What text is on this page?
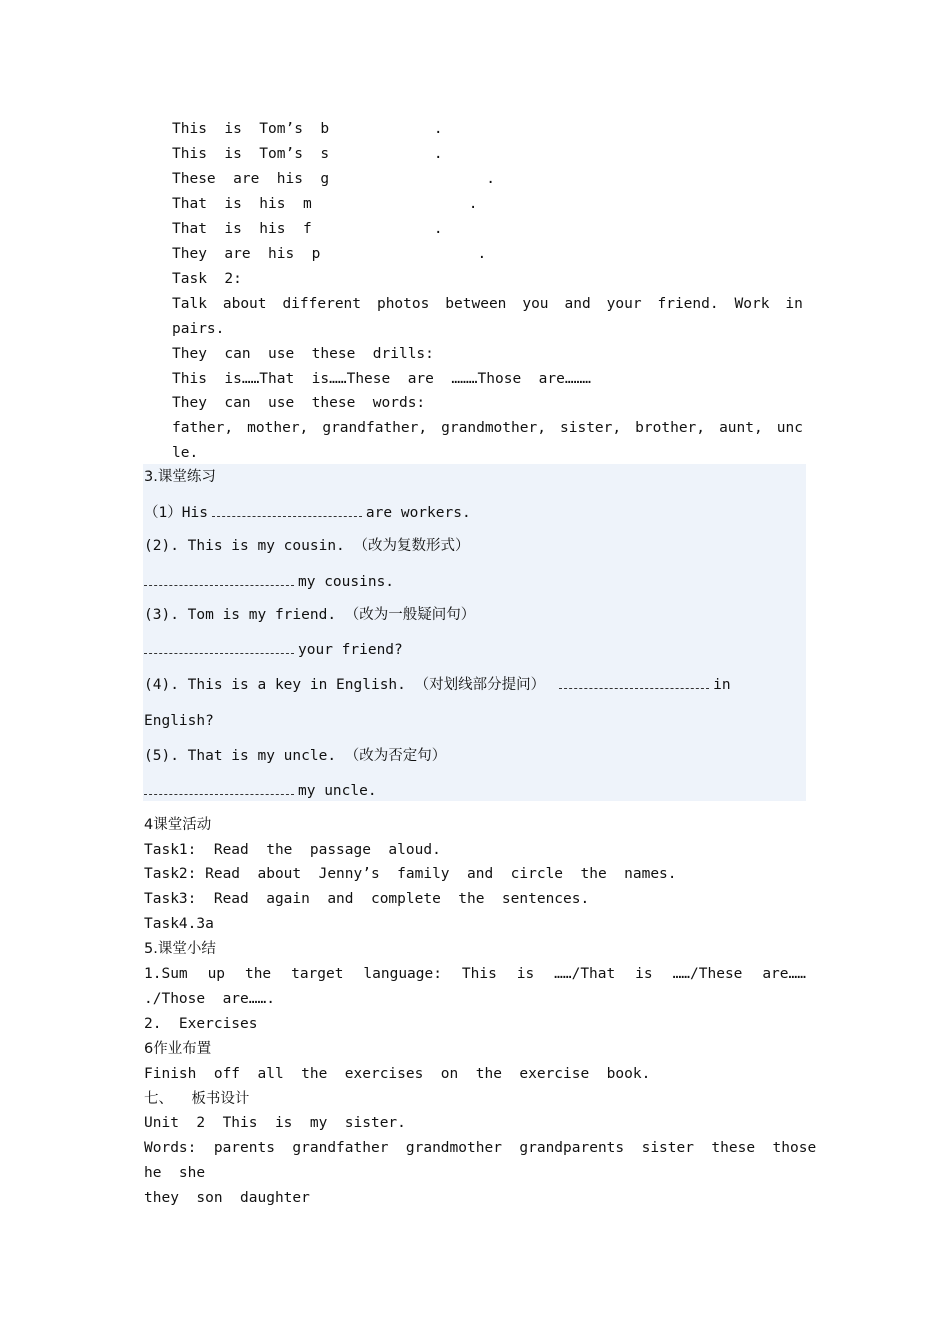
This  is  Tom’s  b            .
This  is  Tom’s  s            .
These  are  his  g                  .
That  is  his  m                  .
That  is  his  f              .
They  are  his  p                  .
Task  2:
Talk about different photos between you and your friend. Work in
pairs.
They  can  use  these  drills:
This  is……That  is……These  are  ………Those  are………
They  can  use  these  words:
father, mother, grandfather, grandmother, sister, brother, aunt, unc
le.
3.课堂练习
（1）His	are workers.
(2). This is my cousin. （改为复数形式）
my cousins.
(3). Tom is my friend. （改为一般疑问句）
your friend?
(4). This is a key in English. （对划线部分提问）	in
English?
(5). That is my uncle. （改为否定句）
my uncle.
4课堂活动
Task1:  Read  the  passage  aloud.
Task2: Read  about  Jenny’s  family  and  circle  the  names.
Task3:  Read  again  and  complete  the  sentences.
Task4.3a
5.课堂小结
1.Sum up the target language: This is ……/That is ……/These are……
./Those  are…….
2.  Exercises
6作业布置
Finish  off  all  the  exercises  on  the  exercise  book.
七、    板书设计
Unit  2  This  is  my  sister.
Words:  parents  grandfather  grandmother  grandparents  sister  these  those
he  she
they  son  daughter
